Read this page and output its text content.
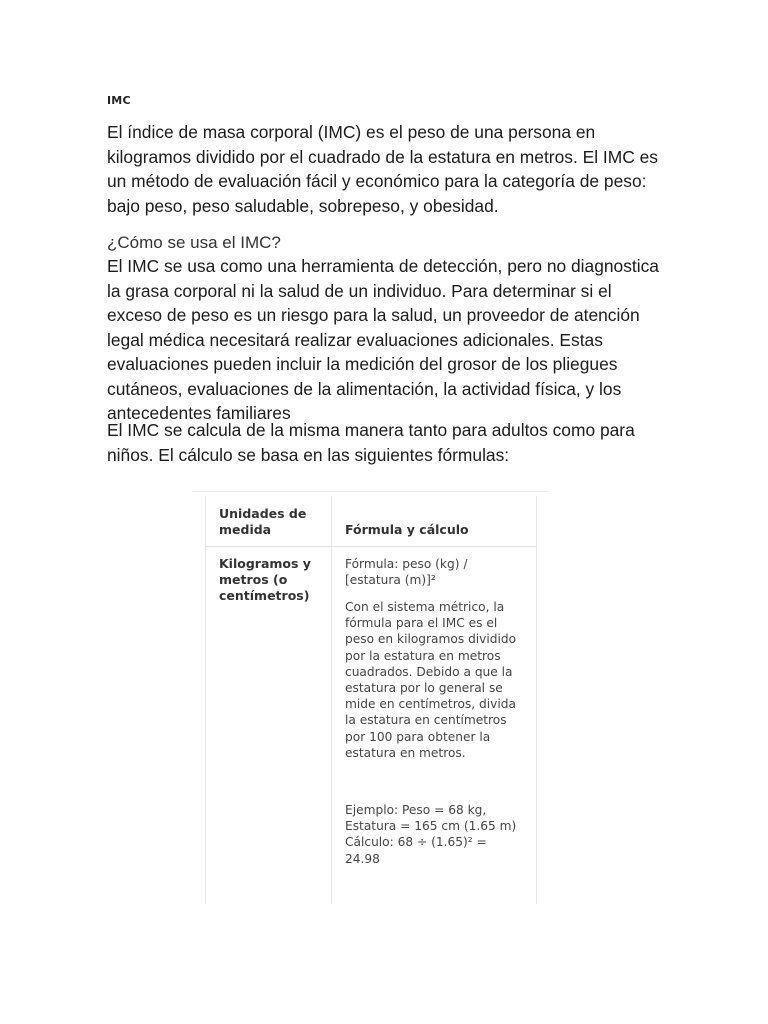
IMC
El índice de masa corporal (IMC) es el peso de una persona en kilogramos dividido por el cuadrado de la estatura en metros. El IMC es un método de evaluación fácil y económico para la categoría de peso: bajo peso, peso saludable, sobrepeso, y obesidad.
¿Cómo se usa el IMC?
El IMC se usa como una herramienta de detección, pero no diagnostica la grasa corporal ni la salud de un individuo. Para determinar si el exceso de peso es un riesgo para la salud, un proveedor de atención legal médica necesitará realizar evaluaciones adicionales. Estas evaluaciones pueden incluir la medición del grosor de los pliegues cutáneos, evaluaciones de la alimentación, la actividad física, y los antecedentes familiares
El IMC se calcula de la misma manera tanto para adultos como para niños. El cálculo se basa en las siguientes fórmulas:
Unidades de medida	Fórmula y cálculo
Kilogramos y metros (o centímetros)
Fórmula: peso (kg) / [estatura (m)]²
Con el sistema métrico, la fórmula para el IMC es el peso en kilogramos dividido por la estatura en metros cuadrados. Debido a que la estatura por lo general se mide en centímetros, divida la estatura en centímetros por 100 para obtener la estatura en metros.
Ejemplo: Peso = 68 kg, Estatura = 165 cm (1.65 m) Cálculo: 68 ÷ (1.65)² = 24.98
